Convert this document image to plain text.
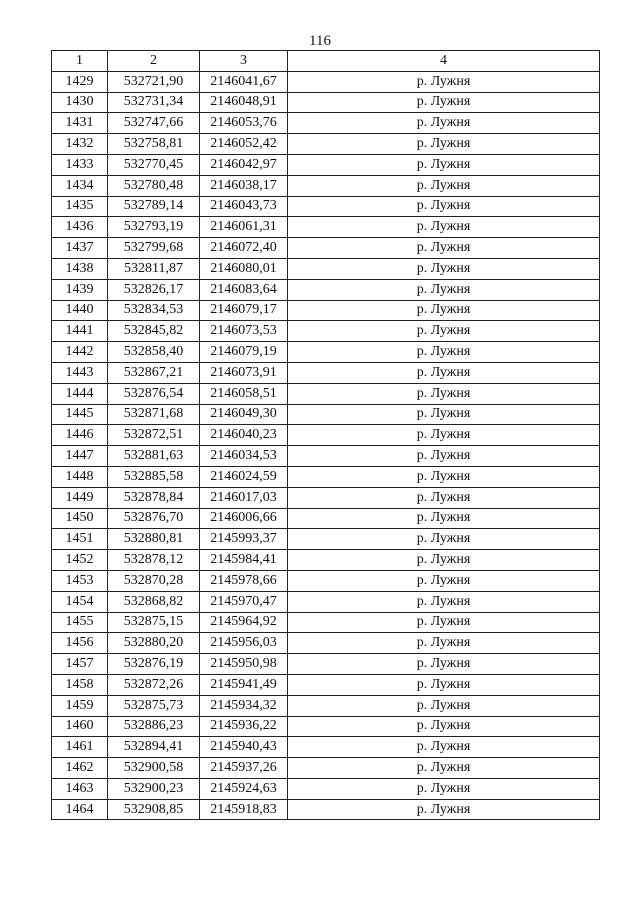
116
1	2	3	4
1429	532721,90	2146041,67	р. Лужня
1430	532731,34	2146048,91	р. Лужня
1431	532747,66	2146053,76	р. Лужня
1432	532758,81	2146052,42	р. Лужня
1433	532770,45	2146042,97	р. Лужня
1434	532780,48	2146038,17	р. Лужня
1435	532789,14	2146043,73	р. Лужня
1436	532793,19	2146061,31	р. Лужня
1437	532799,68	2146072,40	р. Лужня
1438	532811,87	2146080,01	р. Лужня
1439	532826,17	2146083,64	р. Лужня
1440	532834,53	2146079,17	р. Лужня
1441	532845,82	2146073,53	р. Лужня
1442	532858,40	2146079,19	р. Лужня
1443	532867,21	2146073,91	р. Лужня
1444	532876,54	2146058,51	р. Лужня
1445	532871,68	2146049,30	р. Лужня
1446	532872,51	2146040,23	р. Лужня
1447	532881,63	2146034,53	р. Лужня
1448	532885,58	2146024,59	р. Лужня
1449	532878,84	2146017,03	р. Лужня
1450	532876,70	2146006,66	р. Лужня
1451	532880,81	2145993,37	р. Лужня
1452	532878,12	2145984,41	р. Лужня
1453	532870,28	2145978,66	р. Лужня
1454	532868,82	2145970,47	р. Лужня
1455	532875,15	2145964,92	р. Лужня
1456	532880,20	2145956,03	р. Лужня
1457	532876,19	2145950,98	р. Лужня
1458	532872,26	2145941,49	р. Лужня
1459	532875,73	2145934,32	р. Лужня
1460	532886,23	2145936,22	р. Лужня
1461	532894,41	2145940,43	р. Лужня
1462	532900,58	2145937,26	р. Лужня
1463	532900,23	2145924,63	р. Лужня
1464	532908,85	2145918,83	р. Лужня
